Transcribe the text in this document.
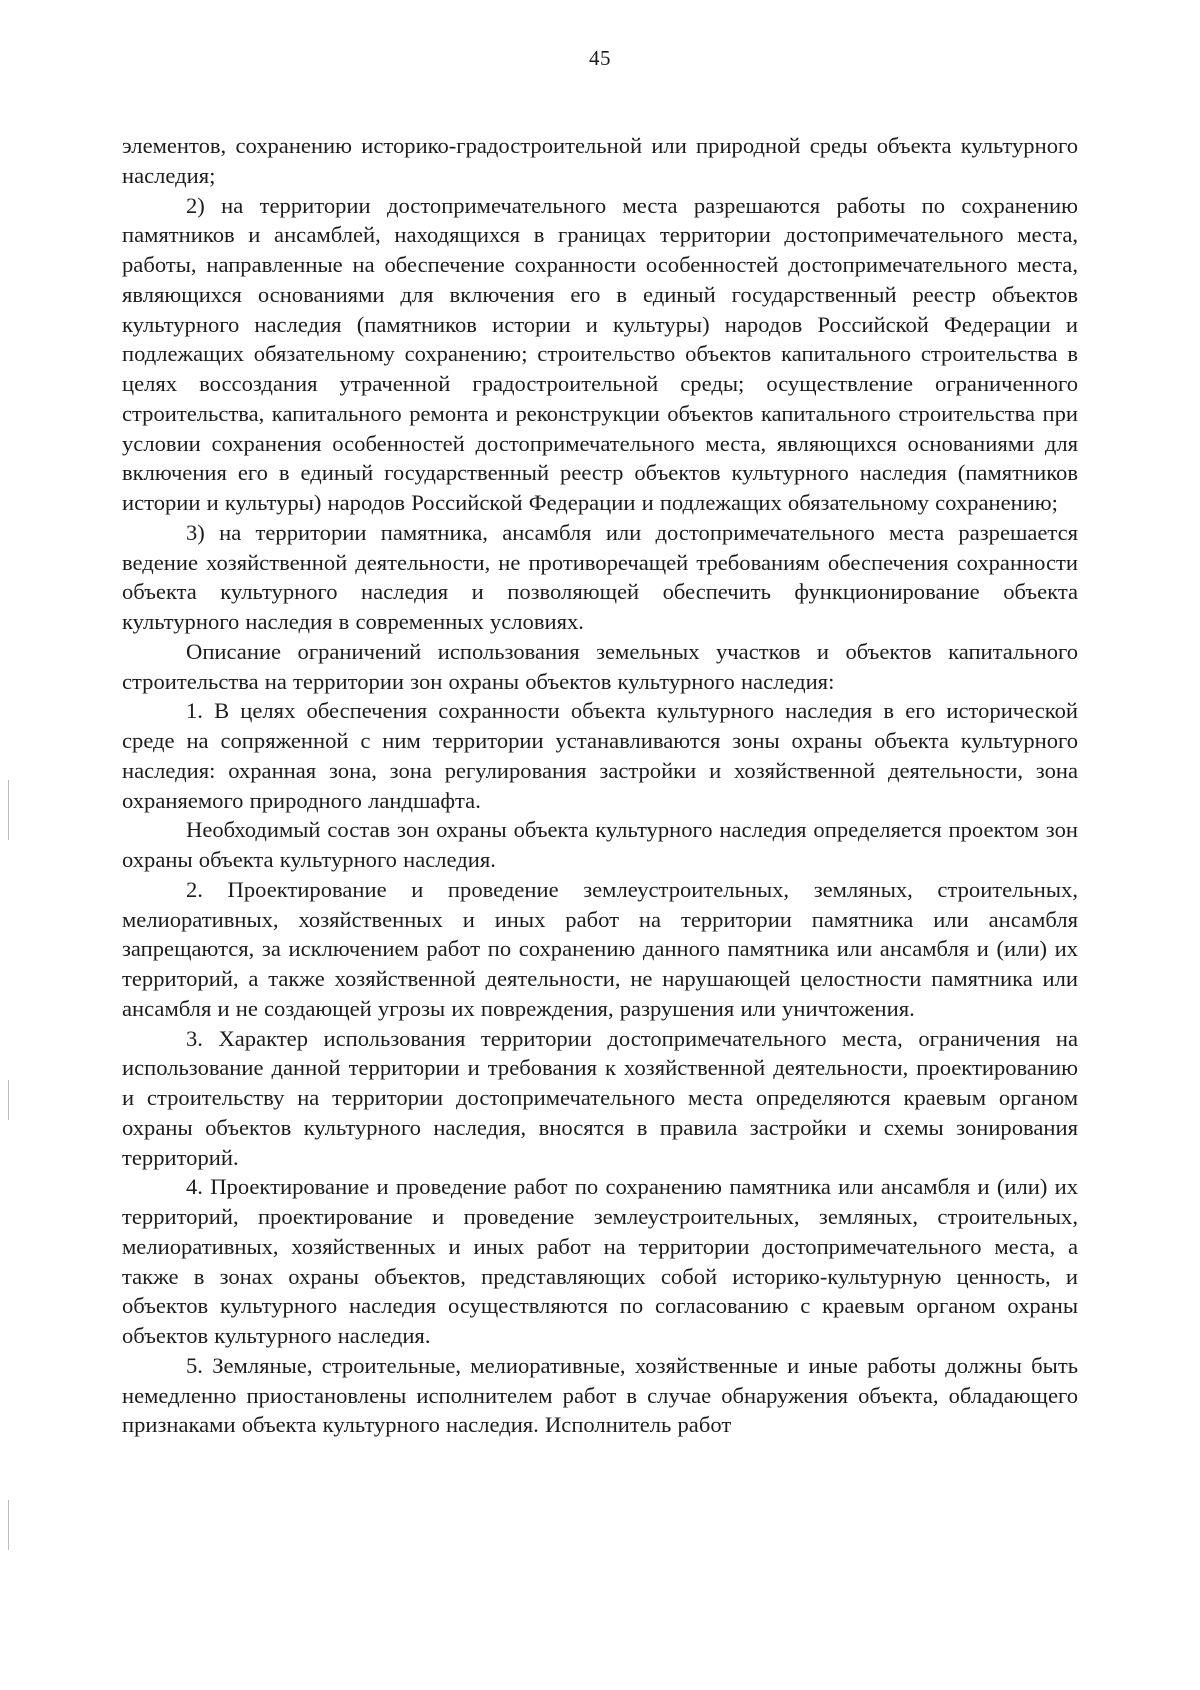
45

элементов, сохранению историко-градостроительной или природной среды объекта культурного наследия;

2) на территории достопримечательного места разрешаются работы по сохранению памятников и ансамблей, находящихся в границах территории достопримечательного места, работы, направленные на обеспечение сохранности особенностей достопримечательного места, являющихся основаниями для включения его в единый государственный реестр объектов культурного наследия (памятников истории и культуры) народов Российской Федерации и подлежащих обязательному сохранению; строительство объектов капитального строительства в целях воссоздания утраченной градостроительной среды; осуществление ограниченного строительства, капитального ремонта и реконструкции объектов капитального строительства при условии сохранения особенностей достопримечательного места, являющихся основаниями для включения его в единый государственный реестр объектов культурного наследия (памятников истории и культуры) народов Российской Федерации и подлежащих обязательному сохранению;

3) на территории памятника, ансамбля или достопримечательного места разрешается ведение хозяйственной деятельности, не противоречащей требованиям обеспечения сохранности объекта культурного наследия и позволяющей обеспечить функционирование объекта культурного наследия в современных условиях.

Описание ограничений использования земельных участков и объектов капитального строительства на территории зон охраны объектов культурного наследия:

1. В целях обеспечения сохранности объекта культурного наследия в его исторической среде на сопряженной с ним территории устанавливаются зоны охраны объекта культурного наследия: охранная зона, зона регулирования застройки и хозяйственной деятельности, зона охраняемого природного ландшафта.

Необходимый состав зон охраны объекта культурного наследия определяется проектом зон охраны объекта культурного наследия.

2. Проектирование и проведение землеустроительных, земляных, строительных, мелиоративных, хозяйственных и иных работ на территории памятника или ансамбля запрещаются, за исключением работ по сохранению данного памятника или ансамбля и (или) их территорий, а также хозяйственной деятельности, не нарушающей целостности памятника или ансамбля и не создающей угрозы их повреждения, разрушения или уничтожения.

3. Характер использования территории достопримечательного места, ограничения на использование данной территории и требования к хозяйственной деятельности, проектированию и строительству на территории достопримечательного места определяются краевым органом охраны объектов культурного наследия, вносятся в правила застройки и схемы зонирования территорий.

4. Проектирование и проведение работ по сохранению памятника или ансамбля и (или) их территорий, проектирование и проведение землеустроительных, земляных, строительных, мелиоративных, хозяйственных и иных работ на территории достопримечательного места, а также в зонах охраны объектов, представляющих собой историко-культурную ценность, и объектов культурного наследия осуществляются по согласованию с краевым органом охраны объектов культурного наследия.

5. Земляные, строительные, мелиоративные, хозяйственные и иные работы должны быть немедленно приостановлены исполнителем работ в случае обнаружения объекта, обладающего признаками объекта культурного наследия. Исполнитель работ
